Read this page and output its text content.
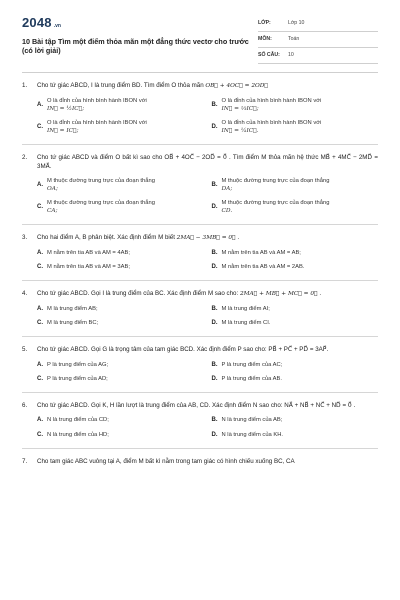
2048 .vn
10 Bài tập Tìm một điểm thỏa mãn một đẳng thức vectơ cho trước (có lời giải)
LỚP:	Lớp 10
MÔN:	Toán
SỐ CÂU:	10
1.	Cho tứ giác ABCD, I là trung điểm BD. Tìm điểm O thỏa mãn OB⃗ + 4OC⃗ = 2OD⃗
A.
O là đỉnh của hình bình hành IBON với
IN⃗ = ½IC⃗;
B.
O là đỉnh của hình bình hành IBON với
IN⃗ = ⅓IC⃗;
C.
O là đỉnh của hình bình hành IBON với
IN⃗ = IC⃗;
D.
O là đỉnh của hình bình hành IBON với
IN⃗ = ¼IC⃗.
2.	Cho tứ giác ABCD và điểm O bất kì sao cho OB⃗ + 4OC⃗ − 2OD⃗ = 0⃗ . Tìm điểm M thỏa mãn hệ thức MB⃗ + 4MC⃗ − 2MD⃗ = 3MA⃗.
A.
M thuộc đường trung trực của đoạn thẳng
OA;
B.
M thuộc đường trung trực của đoạn thẳng
DA;
C.
M thuộc đường trung trực của đoạn thẳng
CA;
D.
M thuộc đường trung trực của đoạn thẳng
CD.
3.	Cho hai điểm A, B phân biệt. Xác định điểm M biết 2MA⃗ − 3MB⃗ = 0⃗ .
A. M nằm trên tia AB và AM = 4AB;	B. M nằm trên tia AB và AM = AB;
C. M nằm trên tia AB và AM = 3AB;	D. M nằm trên tia AB và AM = 2AB.
4.	Cho tứ giác ABCD. Gọi I là trung điểm của BC. Xác định điểm M sao cho: 2MA⃗ + MB⃗ + MC⃗ = 0⃗ .
A. M là trung điểm AB;	B. M là trung điểm AI;
C. M là trung điểm BC;	D. M là trung điểm CI.
5.	Cho tứ giác ABCD. Gọi G là trọng tâm của tam giác BCD. Xác định điểm P sao cho: PB⃗ + PC⃗ + PD⃗ = 3AP⃗.
A. P là trung điểm của AG;	B. P là trung điểm của AC;
C. P là trung điểm của AD;	D. P là trung điểm của AB.
6.	Cho tứ giác ABCD. Gọi K, H lần lượt là trung điểm của AB, CD. Xác định điểm N sao cho: NA⃗ + NB⃗ + NC⃗ + ND⃗ = 0⃗ .
A. N là trung điểm của CD;	B. N là trung điểm của AB;
C. N là trung điểm của HD;	D. N là trung điểm của KH.
7.	Cho tam giác ABC vuông tại A, điểm M bất kì nằm trong tam giác có hình chiếu xuống BC, CA
